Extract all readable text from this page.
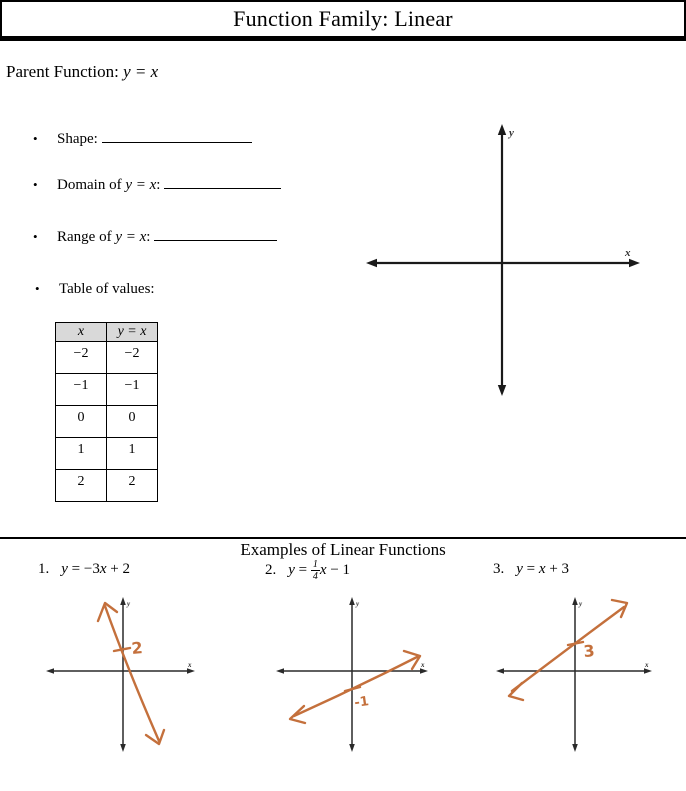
Function Family: Linear
Parent Function: y = x
• Shape:
• Domain of y = x:
• Range of y = x:
• Table of values:
x	y = x
−2	−2
−1	−1
0	0
1	1
2	2
y
x
Examples of Linear Functions
1. y = −3x + 2	2. $y = \frac{1}{4}$ x − 1	3. y = x + 3
y
x
2
y
x
-1
y
x
3
